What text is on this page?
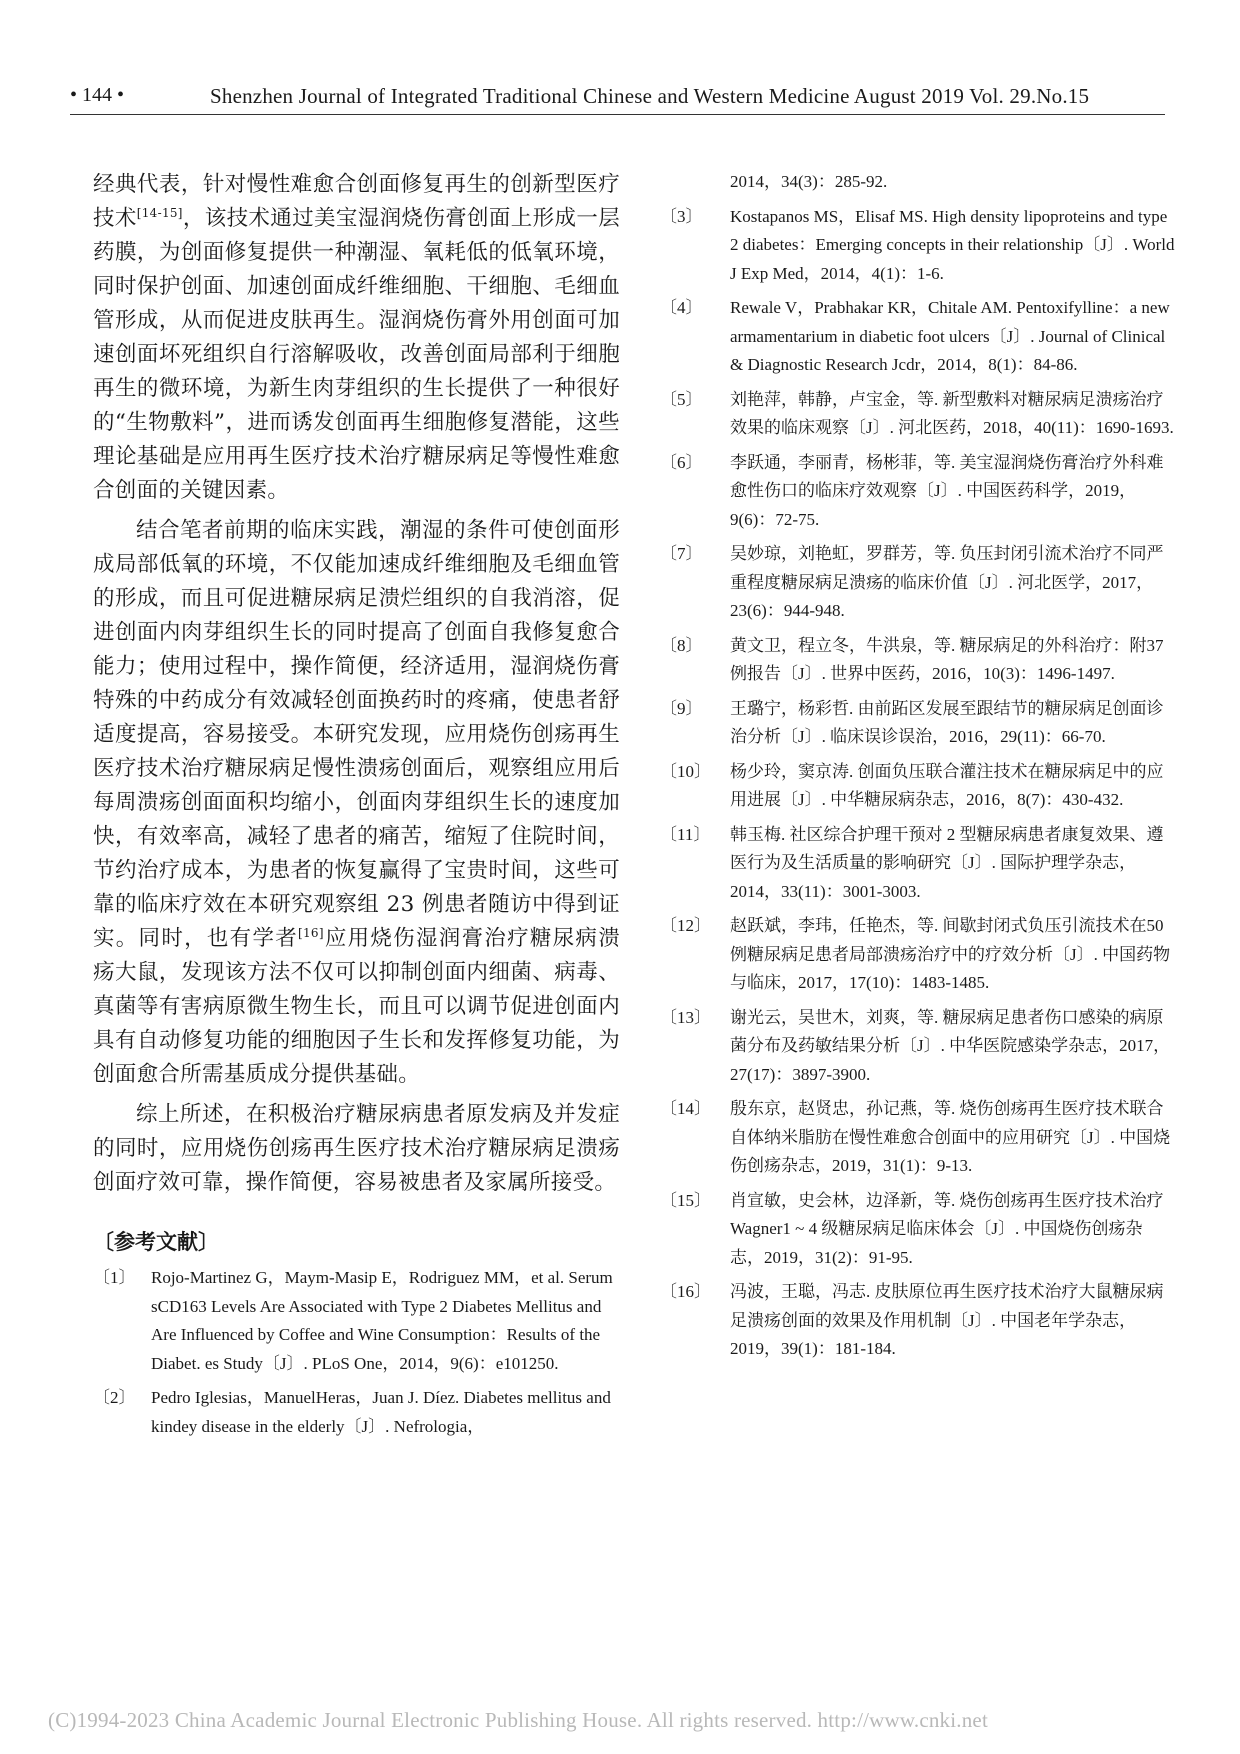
• 144 •	Shenzhen Journal of Integrated Traditional Chinese and Western Medicine August 2019 Vol. 29.No.15

经典代表，针对慢性难愈合创面修复再生的创新型医疗技术[14-15]，该技术通过美宝湿润烧伤膏创面上形成一层药膜，为创面修复提供一种潮湿、氧耗低的低氧环境，同时保护创面、加速创面成纤维细胞、干细胞、毛细血管形成，从而促进皮肤再生。湿润烧伤膏外用创面可加速创面坏死组织自行溶解吸收，改善创面局部利于细胞再生的微环境，为新生肉芽组织的生长提供了一种很好的“生物敷料”，进而诱发创面再生细胞修复潜能，这些理论基础是应用再生医疗技术治疗糖尿病足等慢性难愈合创面的关键因素。

结合笔者前期的临床实践，潮湿的条件可使创面形成局部低氧的环境，不仅能加速成纤维细胞及毛细血管的形成，而且可促进糖尿病足溃烂组织的自我消溶，促进创面内肉芽组织生长的同时提高了创面自我修复愈合能力；使用过程中，操作简便，经济适用，湿润烧伤膏特殊的中药成分有效减轻创面换药时的疼痛，使患者舒适度提高，容易接受。本研究发现，应用烧伤创疡再生医疗技术治疗糖尿病足慢性溃疡创面后，观察组应用后每周溃疡创面面积均缩小，创面肉芽组织生长的速度加快，有效率高，减轻了患者的痛苦，缩短了住院时间，节约治疗成本，为患者的恢复赢得了宝贵时间，这些可靠的临床疗效在本研究观察组 23 例患者随访中得到证实。同时，也有学者[16]应用烧伤湿润膏治疗糖尿病溃疡大鼠，发现该方法不仅可以抑制创面内细菌、病毒、真菌等有害病原微生物生长，而且可以调节促进创面内具有自动修复功能的细胞因子生长和发挥修复功能，为创面愈合所需基质成分提供基础。

综上所述，在积极治疗糖尿病患者原发病及并发症的同时，应用烧伤创疡再生医疗技术治疗糖尿病足溃疡创面疗效可靠，操作简便，容易被患者及家属所接受。

〔参考文献〕
〔1〕 Rojo-Martinez G，Maym-Masip E，Rodriguez MM，et al. Serum sCD163 Levels Are Associated with Type 2 Diabetes Mellitus and Are Influenced by Coffee and Wine Consumption：Results of the Diabet. es Study〔J〕. PLoS One，2014，9(6)：e101250.
〔2〕 Pedro Iglesias，ManuelHeras，Juan J. Díez. Diabetes mellitus and kindey disease in the elderly〔J〕. Nefrologia，
2014，34(3)：285-92.
〔3〕	Kostapanos MS，Elisaf MS. High density lipoproteins and type 2 diabetes：Emerging concepts in their relationship〔J〕. World J Exp Med，2014，4(1)：1-6.
〔4〕	Rewale V，Prabhakar KR，Chitale AM. Pentoxifylline：a new armamentarium in diabetic foot ulcers〔J〕. Journal of Clinical & Diagnostic Research Jcdr，2014，8(1)：84-86.
〔5〕	刘艳萍，韩静，卢宝金，等. 新型敷料对糖尿病足溃疡治疗效果的临床观察〔J〕. 河北医药，2018，40(11)：1690-1693.
〔6〕	李跃通，李丽青，杨彬菲，等. 美宝湿润烧伤膏治疗外科难愈性伤口的临床疗效观察〔J〕. 中国医药科学，2019，9(6)：72-75.
〔7〕	吴妙琼，刘艳虹，罗群芳，等. 负压封闭引流术治疗不同严重程度糖尿病足溃疡的临床价值〔J〕. 河北医学，2017，23(6)：944-948.
〔8〕	黄文卫，程立冬，牛洪泉，等. 糖尿病足的外科治疗：附37 例报告〔J〕. 世界中医药，2016，10(3)：1496-1497.
〔9〕	王璐宁，杨彩哲. 由前跖区发展至跟结节的糖尿病足创面诊治分析〔J〕. 临床误诊误治，2016，29(11)：66-70.
〔10〕 杨少玲，窦京涛. 创面负压联合灌注技术在糖尿病足中的应用进展〔J〕. 中华糖尿病杂志，2016，8(7)：430-432.
〔11〕 韩玉梅. 社区综合护理干预对 2 型糖尿病患者康复效果、遵医行为及生活质量的影响研究〔J〕. 国际护理学杂志，2014，33(11)：3001-3003.
〔12〕 赵跃斌，李玮，任艳杰，等. 间歇封闭式负压引流技术在50 例糖尿病足患者局部溃疡治疗中的疗效分析〔J〕. 中国药物与临床，2017，17(10)：1483-1485.
〔13〕 谢光云，吴世木，刘爽，等. 糖尿病足患者伤口感染的病原菌分布及药敏结果分析〔J〕. 中华医院感染学杂志，2017，27(17)：3897-3900.
〔14〕 殷东京，赵贤忠，孙记燕，等. 烧伤创疡再生医疗技术联合自体纳米脂肪在慢性难愈合创面中的应用研究〔J〕. 中国烧伤创疡杂志，2019，31(1)：9-13.
〔15〕 肖宣敏，史会林，边泽新，等. 烧伤创疡再生医疗技术治疗 Wagner1 ~ 4 级糖尿病足临床体会〔J〕. 中国烧伤创疡杂志，2019，31(2)：91-95.
〔16〕 冯波，王聪，冯志. 皮肤原位再生医疗技术治疗大鼠糖尿病足溃疡创面的效果及作用机制〔J〕. 中国老年学杂志，2019，39(1)：181-184.
(C)1994-2023 China Academic Journal Electronic Publishing House. All rights reserved. http://www.cnki.net
